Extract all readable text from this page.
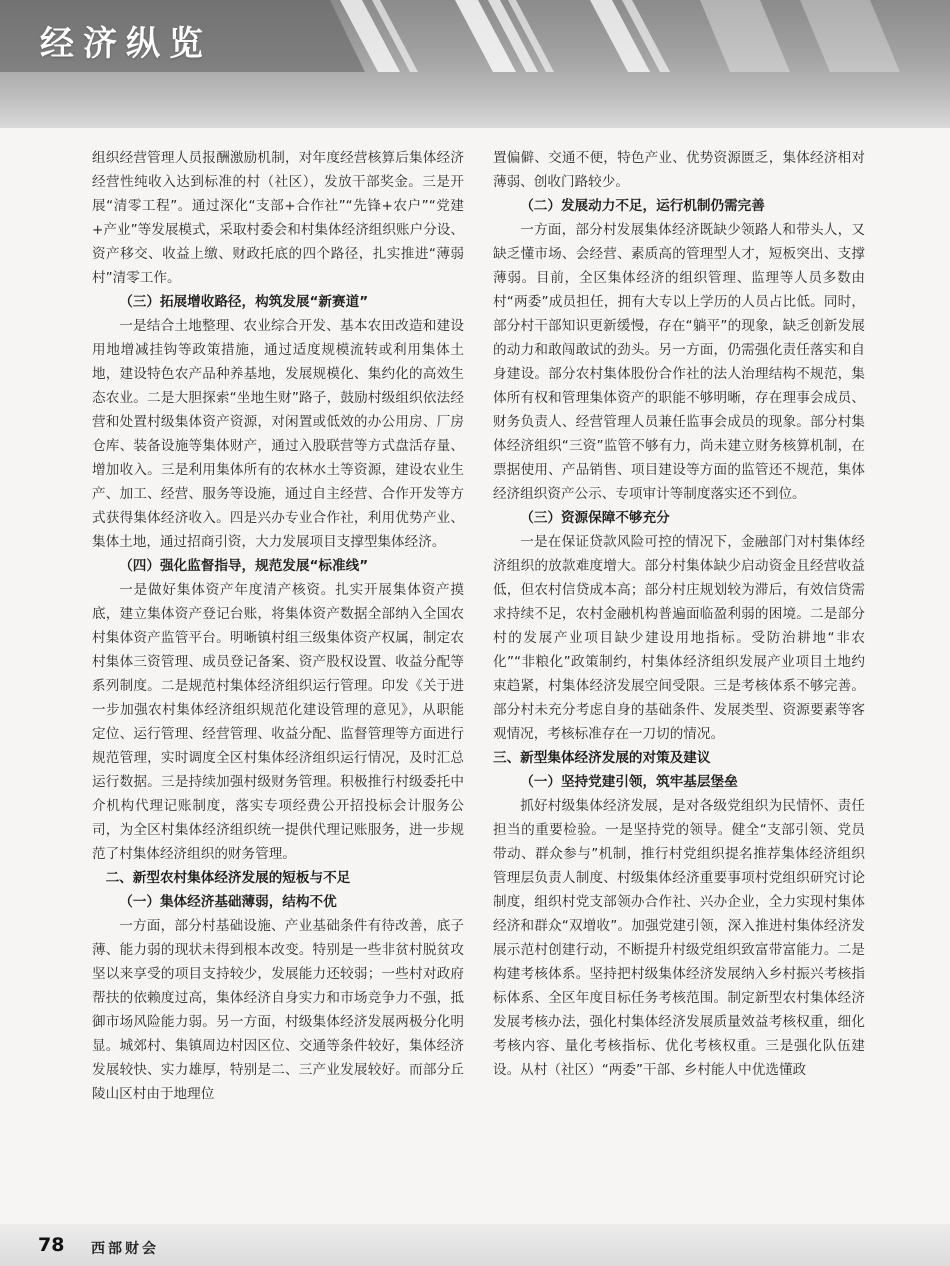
经济纵览

组织经营管理人员报酬激励机制，对年度经营核算后集体经济经营性纯收入达到标准的村（社区），发放干部奖金。三是开展“清零工程”。通过深化“支部+合作社”“先锋+农户”“党建+产业”等发展模式，采取村委会和村集体经济组织账户分设、资产移交、收益上缴、财政托底的四个路径，扎实推进“薄弱村”清零工作。

（三）拓展增收路径，构筑发展“新赛道”

一是结合土地整理、农业综合开发、基本农田改造和建设用地增减挂钩等政策措施，通过适度规模流转或利用集体土地，建设特色农产品种养基地，发展规模化、集约化的高效生态农业。二是大胆探索“坐地生财”路子，鼓励村级组织依法经营和处置村级集体资产资源，对闲置或低效的办公用房、厂房仓库、装备设施等集体财产，通过入股联营等方式盘活存量、增加收入。三是利用集体所有的农林水土等资源，建设农业生产、加工、经营、服务等设施，通过自主经营、合作开发等方式获得集体经济收入。四是兴办专业合作社，利用优势产业、集体土地，通过招商引资，大力发展项目支撑型集体经济。

（四）强化监督指导，规范发展“标准线”

一是做好集体资产年度清产核资。扎实开展集体资产摸底，建立集体资产登记台账，将集体资产数据全部纳入全国农村集体资产监管平台。明晰镇村组三级集体资产权属，制定农村集体三资管理、成员登记备案、资产股权设置、收益分配等系列制度。二是规范村集体经济组织运行管理。印发《关于进一步加强农村集体经济组织规范化建设管理的意见》，从职能定位、运行管理、经营管理、收益分配、监督管理等方面进行规范管理，实时调度全区村集体经济组织运行情况，及时汇总运行数据。三是持续加强村级财务管理。积极推行村级委托中介机构代理记账制度，落实专项经费公开招投标会计服务公司，为全区村集体经济组织统一提供代理记账服务，进一步规范了村集体经济组织的财务管理。

二、新型农村集体经济发展的短板与不足
（一）集体经济基础薄弱，结构不优

一方面，部分村基础设施、产业基础条件有待改善，底子薄、能力弱的现状未得到根本改变。特别是一些非贫村脱贫攻坚以来享受的项目支持较少，发展能力还较弱；一些村对政府帮扶的依赖度过高，集体经济自身实力和市场竞争力不强，抵御市场风险能力弱。另一方面，村级集体经济发展两极分化明显。城郊村、集镇周边村因区位、交通等条件较好，集体经济发展较快、实力雄厚，特别是二、三产业发展较好。而部分丘陵山区村由于地理位

置偏僻、交通不便，特色产业、优势资源匮乏，集体经济相对薄弱、创收门路较少。

（二）发展动力不足，运行机制仍需完善

一方面，部分村发展集体经济既缺少领路人和带头人，又缺乏懂市场、会经营、素质高的管理型人才，短板突出、支撑薄弱。目前，全区集体经济的组织管理、监理等人员多数由村“两委”成员担任，拥有大专以上学历的人员占比低。同时，部分村干部知识更新缓慢，存在“躺平”的现象，缺乏创新发展的动力和敢闯敢试的劲头。另一方面，仍需强化责任落实和自身建设。部分农村集体股份合作社的法人治理结构不规范，集体所有权和管理集体资产的职能不够明晰，存在理事会成员、财务负责人、经营管理人员兼任监事会成员的现象。部分村集体经济组织“三资”监管不够有力，尚未建立财务核算机制，在票据使用、产品销售、项目建设等方面的监管还不规范，集体经济组织资产公示、专项审计等制度落实还不到位。

（三）资源保障不够充分

一是在保证贷款风险可控的情况下，金融部门对村集体经济组织的放款难度增大。部分村集体缺少启动资金且经营收益低，但农村信贷成本高；部分村庄规划较为滞后，有效信贷需求持续不足，农村金融机构普遍面临盈利弱的困境。二是部分村的发展产业项目缺少建设用地指标。受防治耕地“非农化”“非粮化”政策制约，村集体经济组织发展产业项目土地约束趋紧，村集体经济发展空间受限。三是考核体系不够完善。部分村未充分考虑自身的基础条件、发展类型、资源要素等客观情况，考核标准存在一刀切的情况。

三、新型集体经济发展的对策及建议
（一）坚持党建引领，筑牢基层堡垒

抓好村级集体经济发展，是对各级党组织为民情怀、责任担当的重要检验。一是坚持党的领导。健全“支部引领、党员带动、群众参与”机制，推行村党组织提名推荐集体经济组织管理层负责人制度、村级集体经济重要事项村党组织研究讨论制度，组织村党支部领办合作社、兴办企业，全力实现村集体经济和群众“双增收”。加强党建引领，深入推进村集体经济发展示范村创建行动，不断提升村级党组织致富带富能力。二是构建考核体系。坚持把村级集体经济发展纳入乡村振兴考核指标体系、全区年度目标任务考核范围。制定新型农村集体经济发展考核办法，强化村集体经济发展质量效益考核权重，细化考核内容、量化考核指标、优化考核权重。三是强化队伍建设。从村（社区）“两委”干部、乡村能人中优选懂政

78 西部财会
